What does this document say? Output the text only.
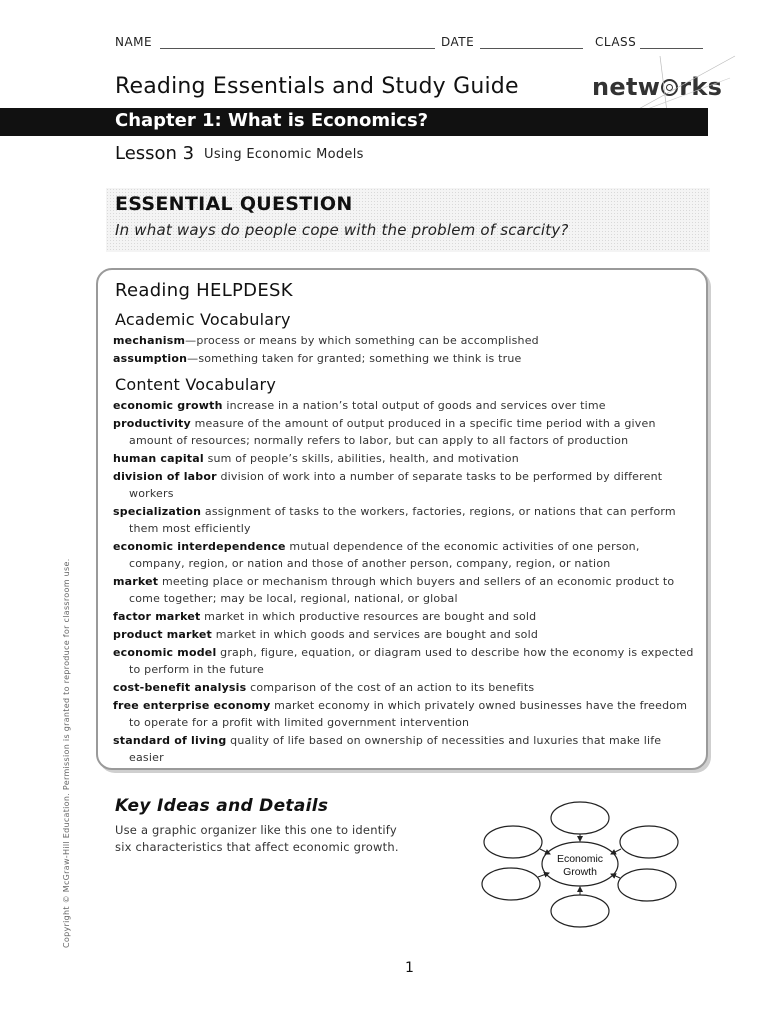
NAME	DATE	CLASS
Reading Essentials and Study Guide	netw rks
Chapter 1: What is Economics?
Lesson 3 Using Economic Models
ESSENTIAL QUESTION
In what ways do people cope with the problem of scarcity?
Reading HELPDESK
Academic Vocabulary
mechanism—process or means by which something can be accomplished
assumption—something taken for granted; something we think is true
Content Vocabulary
economic growth increase in a nation’s total output of goods and services over time
productivity measure of the amount of output produced in a specific time period with a given amount of resources; normally refers to labor, but can apply to all factors of production
human capital sum of people’s skills, abilities, health, and motivation
division of labor division of work into a number of separate tasks to be performed by different workers
specialization assignment of tasks to the workers, factories, regions, or nations that can perform them most efficiently
economic interdependence mutual dependence of the economic activities of one person, company, region, or nation and those of another person, company, region, or nation
market meeting place or mechanism through which buyers and sellers of an economic product to come together; may be local, regional, national, or global
factor market market in which productive resources are bought and sold
product market market in which goods and services are bought and sold
economic model graph, figure, equation, or diagram used to describe how the economy is expected to perform in the future
cost-benefit analysis comparison of the cost of an action to its benefits
free enterprise economy market economy in which privately owned businesses have the freedom to operate for a profit with limited government intervention
standard of living quality of life based on ownership of necessities and luxuries that make life easier
Copyright © McGraw-Hill Education. Permission is granted to reproduce for classroom use.	Key Ideas and Details
Use a graphic organizer like this one to identify six characteristics that affect economic growth.
Economic
Growth
1
